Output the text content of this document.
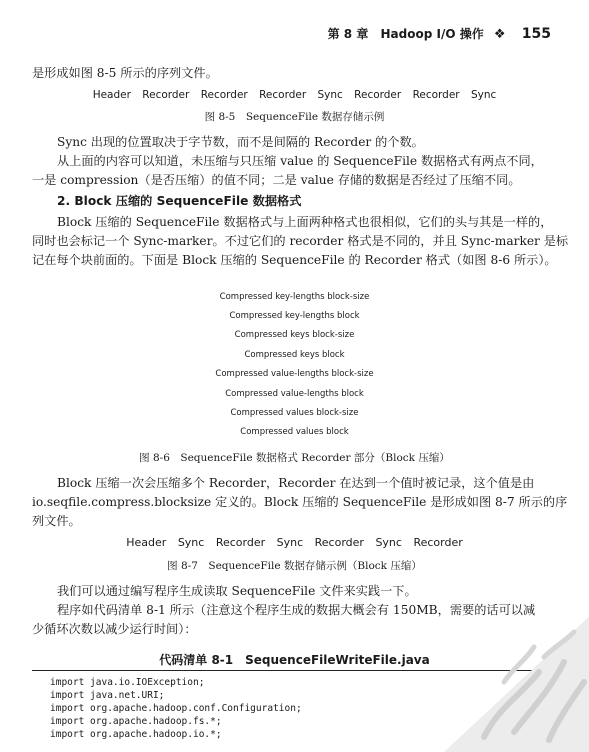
第 8 章 Hadoop I/O 操作 ❖ 155
是形成如图 8-5 所示的序列文件。
Header Recorder Recorder Recorder Sync Recorder Recorder Sync
图 8-5　SequenceFile 数据存储示例
Sync 出现的位置取决于字节数，而不是间隔的 Recorder 的个数。
从上面的内容可以知道，未压缩与只压缩 value 的 SequenceFile 数据格式有两点不同，
一是 compression（是否压缩）的值不同；二是 value 存储的数据是否经过了压缩不同。
2. Block 压缩的 SequenceFile 数据格式
Block 压缩的 SequenceFile 数据格式与上面两种格式也很相似，它们的头与其是一样的，
同时也会标记一个 Sync-marker。不过它们的 recorder 格式是不同的，并且 Sync-marker 是标
记在每个块前面的。下面是 Block 压缩的 SequenceFile 的 Recorder 格式（如图 8-6 所示）。
Compressed key-lengths block-size
Compressed key-lengths block
Compressed keys block-size
Compressed keys block
Compressed value-lengths block-size
Compressed value-lengths block
Compressed values block-size
Compressed values block
图 8-6　SequenceFile 数据格式 Recorder 部分（Block 压缩）
Block 压缩一次会压缩多个 Recorder，Recorder 在达到一个值时被记录，这个值是由
io.seqfile.compress.blocksize 定义的。Block 压缩的 SequenceFile 是形成如图 8-7 所示的序
列文件。
Header Sync Recorder Sync Recorder Sync Recorder
图 8-7　SequenceFile 数据存储示例（Block 压缩）
我们可以通过编写程序生成读取 SequenceFile 文件来实践一下。
程序如代码清单 8-1 所示（注意这个程序生成的数据大概会有 150MB，需要的话可以减
少循环次数以减少运行时间）：
代码清单 8-1　SequenceFileWriteFile.java
import java.io.IOException;
import java.net.URI;
import org.apache.hadoop.conf.Configuration;
import org.apache.hadoop.fs.*;
import org.apache.hadoop.io.*;
